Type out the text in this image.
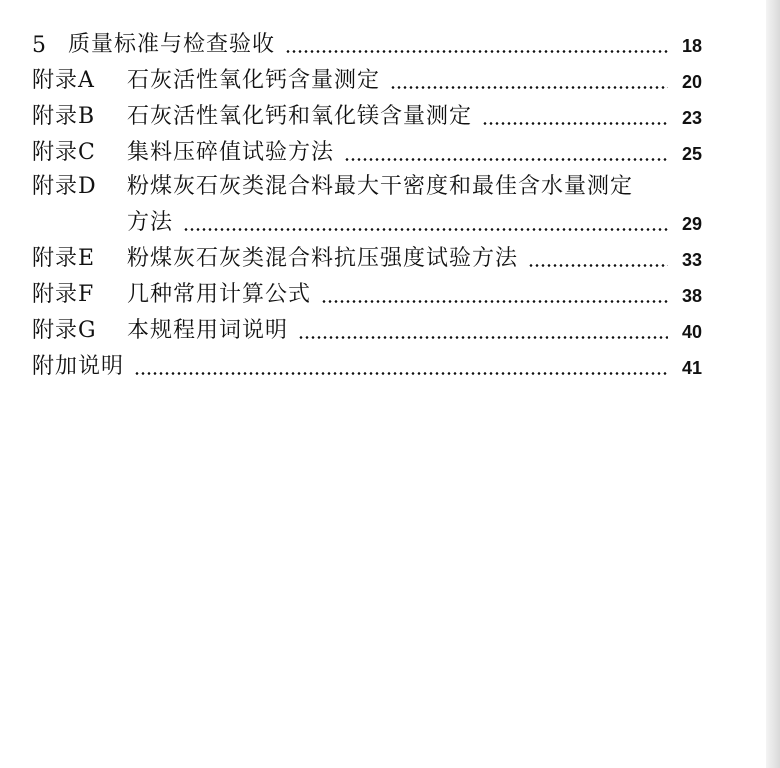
5 质量标准与检查验收	18
附录A	石灰活性氧化钙含量测定	20
附录B	石灰活性氧化钙和氧化镁含量测定	23
附录C	集料压碎值试验方法	25
附录D	粉煤灰石灰类混合料最大干密度和最佳含水量测定
方法	29
附录E	粉煤灰石灰类混合料抗压强度试验方法	33
附录F	几种常用计算公式	38
附录G	本规程用词说明	40
附加说明	41
